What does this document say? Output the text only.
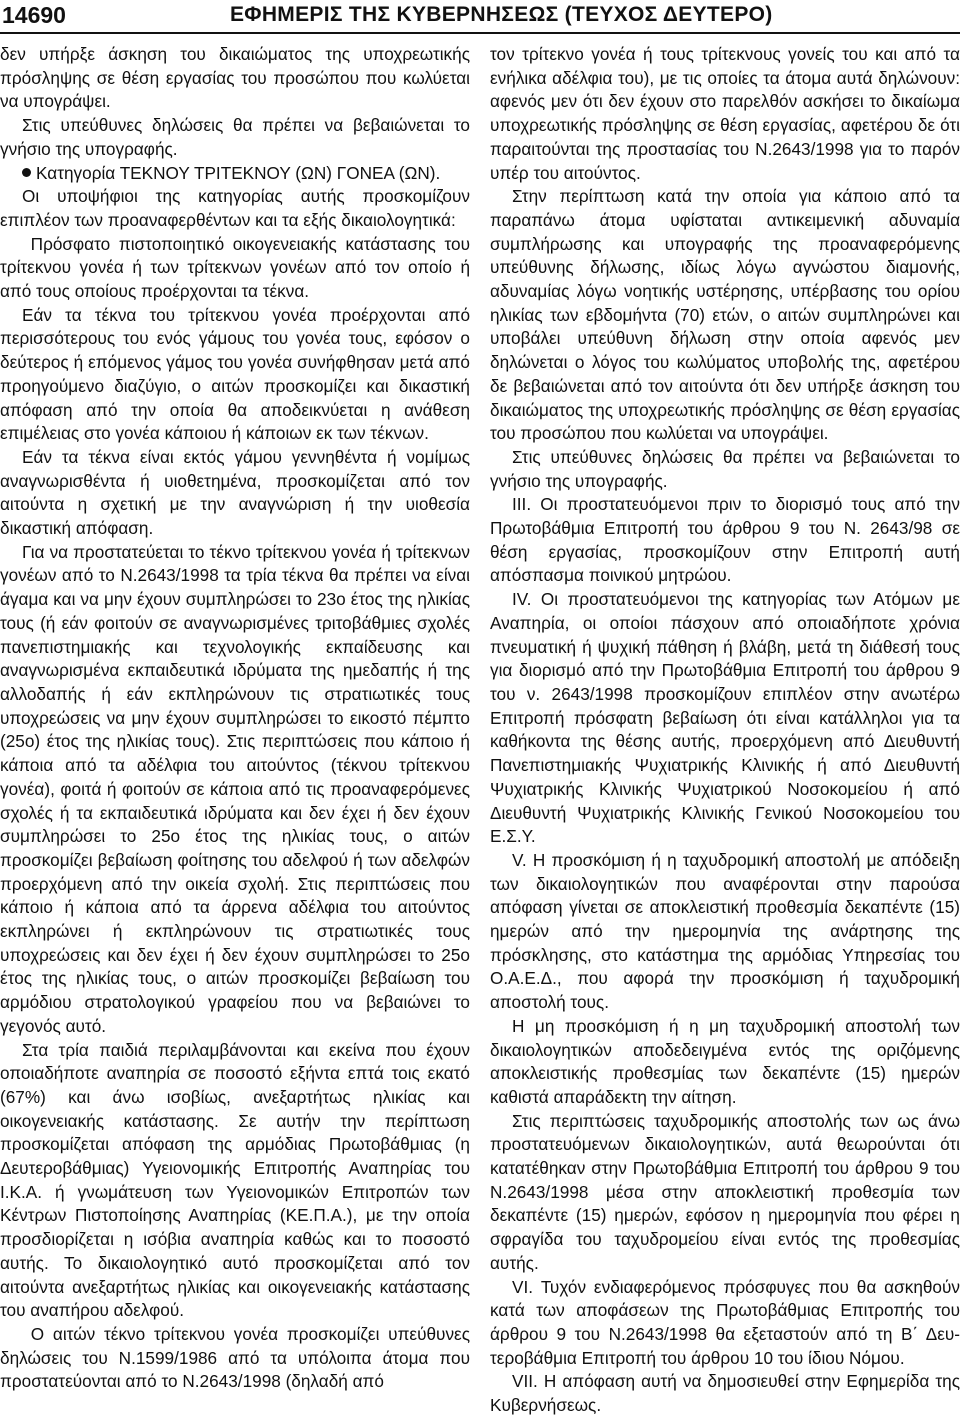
14690	ΕΦΗΜΕΡΙΣ ΤΗΣ ΚΥΒΕΡΝΗΣΕΩΣ (ΤΕΥΧΟΣ ΔΕΥΤΕΡΟ)

δεν υπήρξε άσκηση του δικαιώματος της υποχρεωτικής πρόσληψης σε θέση εργασίας του προσώπου που κωλύεται να υπογράψει.

Στις υπεύθυνες δηλώσεις θα πρέπει να βεβαιώνεται το γνήσιο της υπογραφής.

Κατηγορία ΤΕΚΝΟΥ ΤΡΙΤΕΚΝΟΥ (ΩΝ) ΓΟΝΕΑ (ΩΝ).

Οι υποψήφιοι της κατηγορίας αυτής προσκομίζουν επιπλέον των προαναφερθέντων και τα εξής δικαιολογητικά:

Πρόσφατο πιστοποιητικό οικογενειακής κατάστασης του τρίτεκνου γονέα ή των τρίτεκνων γονέων από τον οποίο ή από τους οποίους προέρχονται τα τέκνα.

Εάν τα τέκνα του τρίτεκνου γονέα προέρχονται από περισσότερους του ενός γάμους του γονέα τους, εφόσον ο δεύτερος ή επόμενος γάμος του γονέα συνήφθησαν μετά από προηγούμενο διαζύγιο, ο αιτών προσκομίζει και δικαστική απόφαση από την οποία θα αποδεικνύεται η ανάθεση επιμέλειας στο γονέα κάποιου ή κάποιων εκ των τέκνων.

Εάν τα τέκνα είναι εκτός γάμου γεννηθέντα ή νομίμως αναγνωρισθέντα ή υιοθετημένα, προσκομίζεται από τον αιτούντα η σχετική με την αναγνώριση ή την υιοθεσία δικαστική απόφαση.

Για να προστατεύεται το τέκνο τρίτεκνου γονέα ή τρίτεκνων γονέων από το Ν.2643/1998 τα τρία τέκνα θα πρέπει να είναι άγαμα και να μην έχουν συμπληρώσει το 23ο έτος της ηλικίας τους (ή εάν φοιτούν σε αναγνωρισμένες τριτοβάθμιες σχολές πανεπιστημιακής και τεχνολογικής εκπαίδευσης και αναγνωρισμένα εκπαιδευτικά ιδρύματα της ημεδαπής ή της αλλοδαπής ή εάν εκπληρώνουν τις στρατιωτικές τους υποχρεώσεις να μην έχουν συμπληρώσει το εικοστό πέμπτο (25ο) έτος της ηλικίας τους). Στις περιπτώσεις που κάποιο ή κάποια από τα αδέλφια του αιτούντος (τέκνου τρίτεκνου γονέα), φοιτά ή φοιτούν σε κάποια από τις προαναφερόμενες σχολές ή τα εκπαιδευτικά ιδρύματα και δεν έχει ή δεν έχουν συμπληρώσει το 25ο έτος της ηλικίας τους, ο αιτών προσκομίζει βεβαίωση φοίτησης του αδελφού ή των αδελφών προερχόμενη από την οικεία σχολή. Στις περιπτώσεις που κάποιο ή κάποια από τα άρρενα αδέλφια του αιτούντος εκπληρώνει ή εκπληρώνουν τις στρατιωτικές τους υποχρεώσεις και δεν έχει ή δεν έχουν συμπληρώσει το 25ο έτος της ηλικίας τους, ο αιτών προσκομίζει βεβαίωση του αρμόδιου στρατολογικού γραφείου που να βεβαιώνει το γεγονός αυτό.

Στα τρία παιδιά περιλαμβάνονται και εκείνα που έχουν οποιαδήποτε αναπηρία σε ποσοστό εξήντα επτά τοις εκατό (67%) και άνω ισοβίως, ανεξαρτήτως ηλικίας και οικογενειακής κατάστασης. Σε αυτήν την περίπτωση προσκομίζεται απόφαση της αρμόδιας Πρωτοβάθμιας (η Δευτεροβάθμιας) Υγειονομικής Επιτροπής Αναπηρίας του Ι.Κ.Α. ή γνωμάτευση των Υγειονομικών Επιτροπών των Κέντρων Πιστοποίησης Αναπηρίας (ΚΕ.Π.Α.), με την οποία προσδιορίζεται η ισόβια αναπηρία καθώς και το ποσοστό αυτής. Το δικαιολογητικό αυτό προσκομίζεται από τον αιτούντα ανεξαρτήτως ηλικίας και οικογενειακής κατάστασης του αναπήρου αδελφού.

Ο αιτών τέκνο τρίτεκνου γονέα προσκομίζει υπεύθυνες δηλώσεις του Ν.1599/1986 από τα υπόλοιπα άτομα που προστατεύονται από το Ν.2643/1998 (δηλαδή από

τον τρίτεκνο γονέα ή τους τρίτεκνους γονείς του και από τα ενήλικα αδέλφια του), με τις οποίες τα άτομα αυτά δηλώνουν: αφενός μεν ότι δεν έχουν στο παρελθόν ασκήσει το δικαίωμα υποχρεωτικής πρόσληψης σε θέση εργασίας, αφετέρου δε ότι παραιτούνται της προστασίας του Ν.2643/1998 για το παρόν υπέρ του αιτούντος.

Στην περίπτωση κατά την οποία για κάποιο από τα παραπάνω άτομα υφίσταται αντικειμενική αδυναμία συμπλήρωσης και υπογραφής της προαναφερόμενης υπεύθυνης δήλωσης, ιδίως λόγω αγνώστου διαμονής, αδυναμίας λόγω νοητικής υστέρησης, υπέρβασης του ορίου ηλικίας των εβδομήντα (70) ετών, ο αιτών συμπληρώνει και υποβάλει υπεύθυνη δήλωση στην οποία αφενός μεν δηλώνεται ο λόγος του κωλύματος υποβολής της, αφετέρου δε βεβαιώνεται από τον αιτούντα ότι δεν υπήρξε άσκηση του δικαιώματος της υποχρεωτικής πρόσληψης σε θέση εργασίας του προσώπου που κωλύεται να υπογράψει.

Στις υπεύθυνες δηλώσεις θα πρέπει να βεβαιώνεται το γνήσιο της υπογραφής.

ΙΙΙ. Οι προστατευόμενοι πριν το διορισμό τους από την Πρωτοβάθμια Επιτροπή του άρθρου 9 του Ν. 2643/98 σε θέση εργασίας, προσκομίζουν στην Επιτροπή αυτή απόσπασμα ποινικού μητρώου.

ΙV. Οι προστατευόμενοι της κατηγορίας των Ατόμων με Αναπηρία, οι οποίοι πάσχουν από οποιαδήποτε χρόνια πνευματική ή ψυχική πάθηση ή βλάβη, μετά τη διάθεσή τους για διορισμό από την Πρωτοβάθμια Επιτροπή του άρθρου 9 του ν. 2643/1998 προσκομίζουν επιπλέον στην ανωτέρω Επιτροπή πρόσφατη βεβαίωση ότι είναι κατάλληλοι για τα καθήκοντα της θέσης αυτής, προερχόμενη από Διευθυντή Πανεπιστημιακής Ψυχιατρικής Κλινικής ή από Διευθυντή Ψυχιατρικής Κλινικής Ψυχιατρικού Νοσοκομείου ή από Διευθυντή Ψυχιατρικής Κλινικής Γενικού Νοσοκομείου του Ε.Σ.Υ.

V. Η προσκόμιση ή η ταχυδρομική αποστολή με απόδειξη των δικαιολογητικών που αναφέρονται στην παρούσα απόφαση γίνεται σε αποκλειστική προθεσμία δεκαπέντε (15) ημερών από την ημερομηνία της ανάρτησης της πρόσκλησης, στο κατάστημα της αρμόδιας Υπηρεσίας του Ο.Α.Ε.Δ., που αφορά την προσκόμιση ή ταχυδρομική αποστολή τους.

Η μη προσκόμιση ή η μη ταχυδρομική αποστολή των δικαιολογητικών αποδεδειγμένα εντός της οριζόμενης αποκλειστικής προθεσμίας των δεκαπέντε (15) ημερών καθιστά απαράδεκτη την αίτηση.

Στις περιπτώσεις ταχυδρομικής αποστολής των ως άνω προστατευόμενων δικαιολογητικών, αυτά θεωρούνται ότι κατατέθηκαν στην Πρωτοβάθμια Επιτροπή του άρθρου 9 του Ν.2643/1998 μέσα στην αποκλειστική προθεσμία των δεκαπέντε (15) ημερών, εφόσον η ημερομηνία που φέρει η σφραγίδα του ταχυδρομείου είναι εντός της προθεσμίας αυτής.

VI. Τυχόν ενδιαφερόμενος πρόσφυγες που θα ασκηθούν κατά των αποφάσεων της Πρωτοβάθμιας Επιτροπής του άρθρου 9 του Ν.2643/1998 θα εξεταστούν από τη Β΄ Δευτεροβάθμια Επιτροπή του άρθρου 10 του ίδιου Νόμου.

VII. Η απόφαση αυτή να δημοσιευθεί στην Εφημερίδα της Κυβερνήσεως.
